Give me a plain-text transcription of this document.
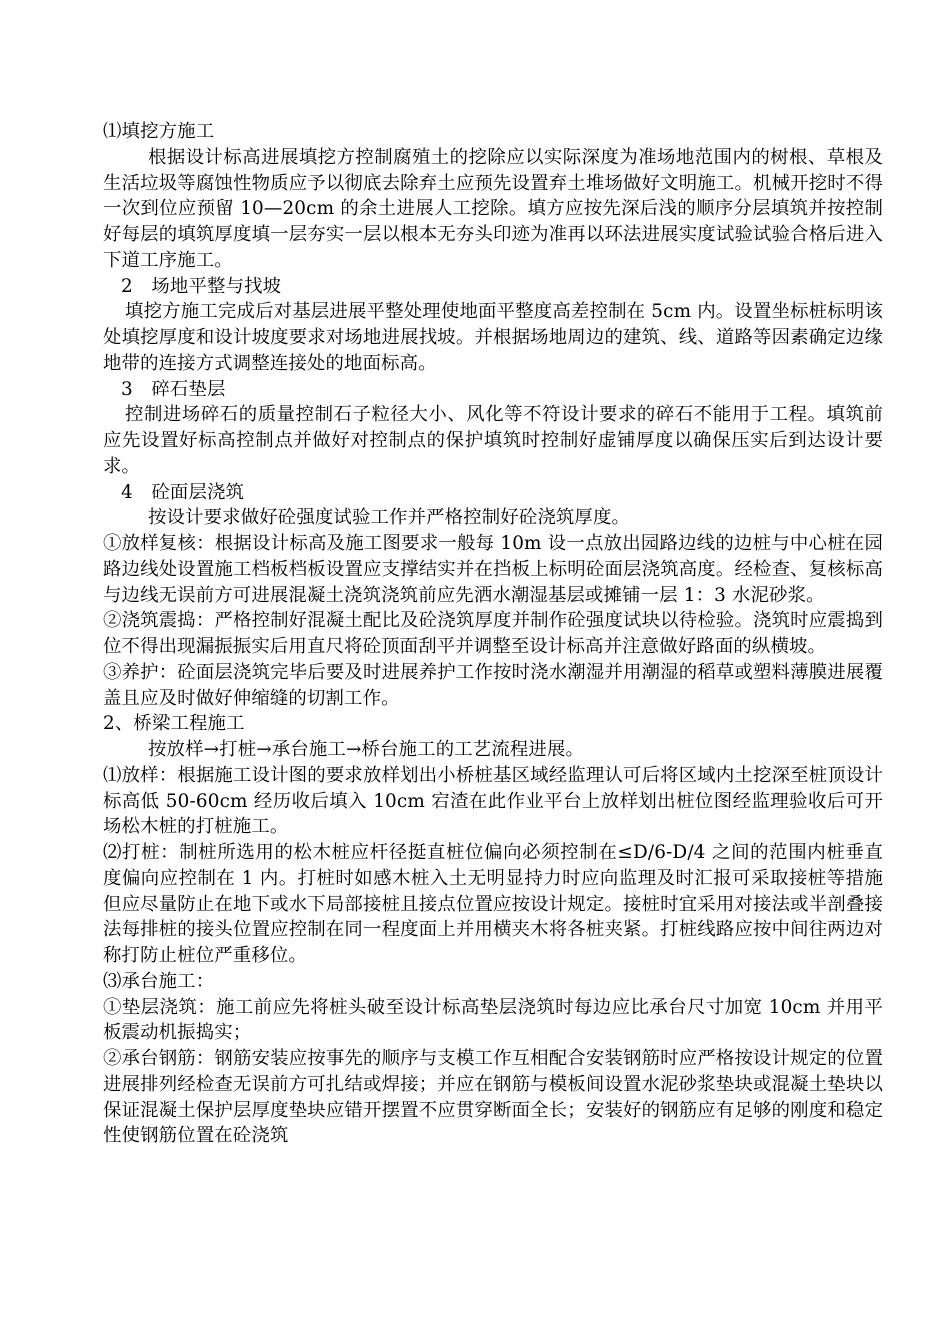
⑴填挖方施工

根据设计标高进展填挖方控制腐殖土的挖除应以实际深度为准场地范围内的树根、草根及生活垃圾等腐蚀性物质应予以彻底去除弃土应预先设置弃土堆场做好文明施工。机械开挖时不得一次到位应预留 10—20cm 的余土进展人工挖除。填方应按先深后浅的顺序分层填筑并按控制好每层的填筑厚度填一层夯实一层以根本无夯头印迹为准再以环法进展实度试验试验合格后进入下道工序施工。

2　场地平整与找坡

填挖方施工完成后对基层进展平整处理使地面平整度高差控制在 5cm 内。设置坐标桩标明该处填挖厚度和设计坡度要求对场地进展找坡。并根据场地周边的建筑、线、道路等因素确定边缘地带的连接方式调整连接处的地面标高。

3　碎石垫层

控制进场碎石的质量控制石子粒径大小、风化等不符设计要求的碎石不能用于工程。填筑前应先设置好标高控制点并做好对控制点的保护填筑时控制好虚铺厚度以确保压实后到达设计要求。

4　砼面层浇筑

按设计要求做好砼强度试验工作并严格控制好砼浇筑厚度。

①放样复核：根据设计标高及施工图要求一般每 10m 设一点放出园路边线的边桩与中心桩在园路边线处设置施工档板档板设置应支撑结实并在挡板上标明砼面层浇筑高度。经检查、复核标高与边线无误前方可进展混凝土浇筑浇筑前应先洒水潮湿基层或摊铺一层 1：3 水泥砂浆。

②浇筑震捣：严格控制好混凝土配比及砼浇筑厚度并制作砼强度试块以待检验。浇筑时应震捣到位不得出现漏振振实后用直尺将砼顶面刮平并调整至设计标高并注意做好路面的纵横坡。

③养护：砼面层浇筑完毕后要及时进展养护工作按时浇水潮湿并用潮湿的稻草或塑料薄膜进展覆盖且应及时做好伸缩缝的切割工作。

2、桥梁工程施工

按放样→打桩→承台施工→桥台施工的工艺流程进展。

⑴放样：根据施工设计图的要求放样划出小桥桩基区域经监理认可后将区域内土挖深至桩顶设计标高低 50-60cm 经历收后填入 10cm 宕渣在此作业平台上放样划出桩位图经监理验收后可开场松木桩的打桩施工。

⑵打桩：制桩所选用的松木桩应杆径挺直桩位偏向必须控制在≤D/6-D/4 之间的范围内桩垂直度偏向应控制在 1 内。打桩时如感木桩入土无明显持力时应向监理及时汇报可采取接桩等措施但应尽量防止在地下或水下局部接桩且接点位置应按设计规定。接桩时宜采用对接法或半剖叠接法每排桩的接头位置应控制在同一程度面上并用横夹木将各桩夹紧。打桩线路应按中间往两边对称打防止桩位严重移位。

⑶承台施工：

①垫层浇筑：施工前应先将桩头破至设计标高垫层浇筑时每边应比承台尺寸加宽 10cm 并用平板震动机振捣实；

②承台钢筋：钢筋安装应按事先的顺序与支模工作互相配合安装钢筋时应严格按设计规定的位置进展排列经检查无误前方可扎结或焊接；并应在钢筋与模板间设置水泥砂浆垫块或混凝土垫块以保证混凝土保护层厚度垫块应错开摆置不应贯穿断面全长；安装好的钢筋应有足够的刚度和稳定性使钢筋位置在砼浇筑
